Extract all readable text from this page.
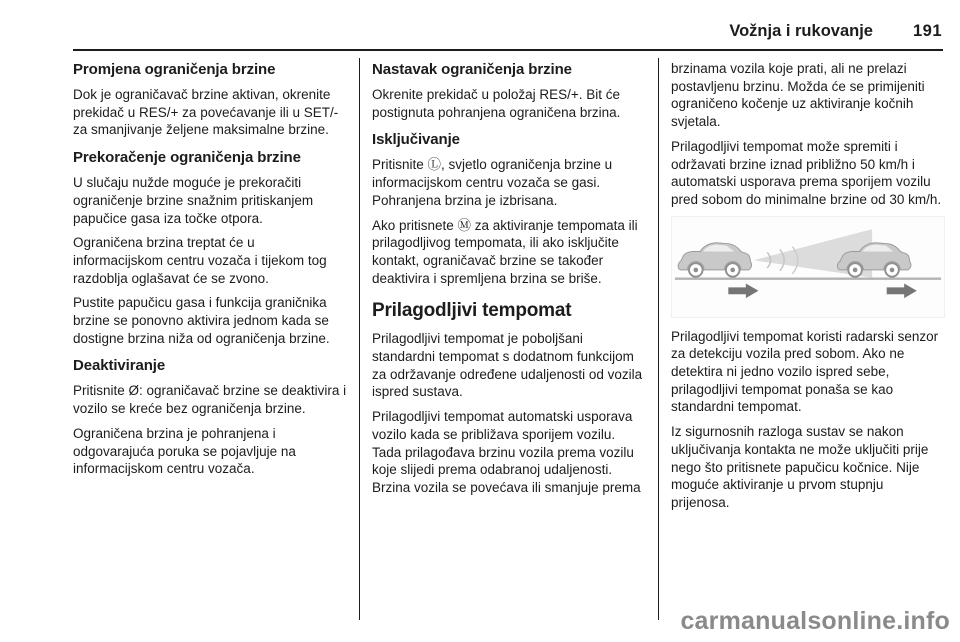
Vožnja i rukovanje 191
Promjena ograničenja brzine

Dok je ograničavač brzine aktivan, okrenite prekidač u RES/+ za povećavanje ili u SET/- za smanjivanje željene maksimalne brzine.

Prekoračenje ograničenja brzine

U slučaju nužde moguće je prekoračiti ograničenje brzine snažnim pritiskanjem papučice gasa iza točke otpora.

Ograničena brzina treptat će u informacijskom centru vozača i tijekom tog razdoblja oglašavat će se zvono.

Pustite papučicu gasa i funkcija graničnika brzine se ponovno aktivira jednom kada se dostigne brzina niža od ograničenja brzine.

Deaktiviranje

Pritisnite Ø: ograničavač brzine se deaktivira i vozilo se kreće bez ograničenja brzine.

Ograničena brzina je pohranjena i odgovarajuća poruka se pojavljuje na informacijskom centru vozača.

Nastavak ograničenja brzine

Okrenite prekidač u položaj RES/+. Bit će postignuta pohranjena ograničena brzina.

Isključivanje

Pritisnite Ⓛ, svjetlo ograničenja brzine u informacijskom centru vozača se gasi. Pohranjena brzina je izbrisana.

Ako pritisnete Ⓜ za aktiviranje tempomata ili prilagodljivog tempomata, ili ako isključite kontakt, ograničavač brzine se također deaktivira i spremljena brzina se briše.

Prilagodljivi tempomat

Prilagodljivi tempomat je poboljšani standardni tempomat s dodatnom funkcijom za održavanje određene udaljenosti od vozila ispred sustava.

Prilagodljivi tempomat automatski usporava vozilo kada se približava sporijem vozilu. Tada prilagođava brzinu vozila prema vozilu koje slijedi prema odabranoj udaljenosti. Brzina vozila se povećava ili smanjuje prema

brzinama vozila koje prati, ali ne prelazi postavljenu brzinu. Možda će se primijeniti ograničeno kočenje uz aktiviranje kočnih svjetala.

Prilagodljivi tempomat može spremiti i održavati brzine iznad približno 50 km/h i automatski usporava prema sporijem vozilu pred sobom do minimalne brzine od 30 km/h.

Prilagodljivi tempomat koristi radarski senzor za detekciju vozila pred sobom. Ako ne detektira ni jedno vozilo ispred sebe, prilagodljivi tempomat ponaša se kao standardni tempomat.

Iz sigurnosnih razloga sustav se nakon uključivanja kontakta ne može uključiti prije nego što pritisnete papučicu kočnice. Nije moguće aktiviranje u prvom stupnju prijenosa.

carmanualsonline.info
